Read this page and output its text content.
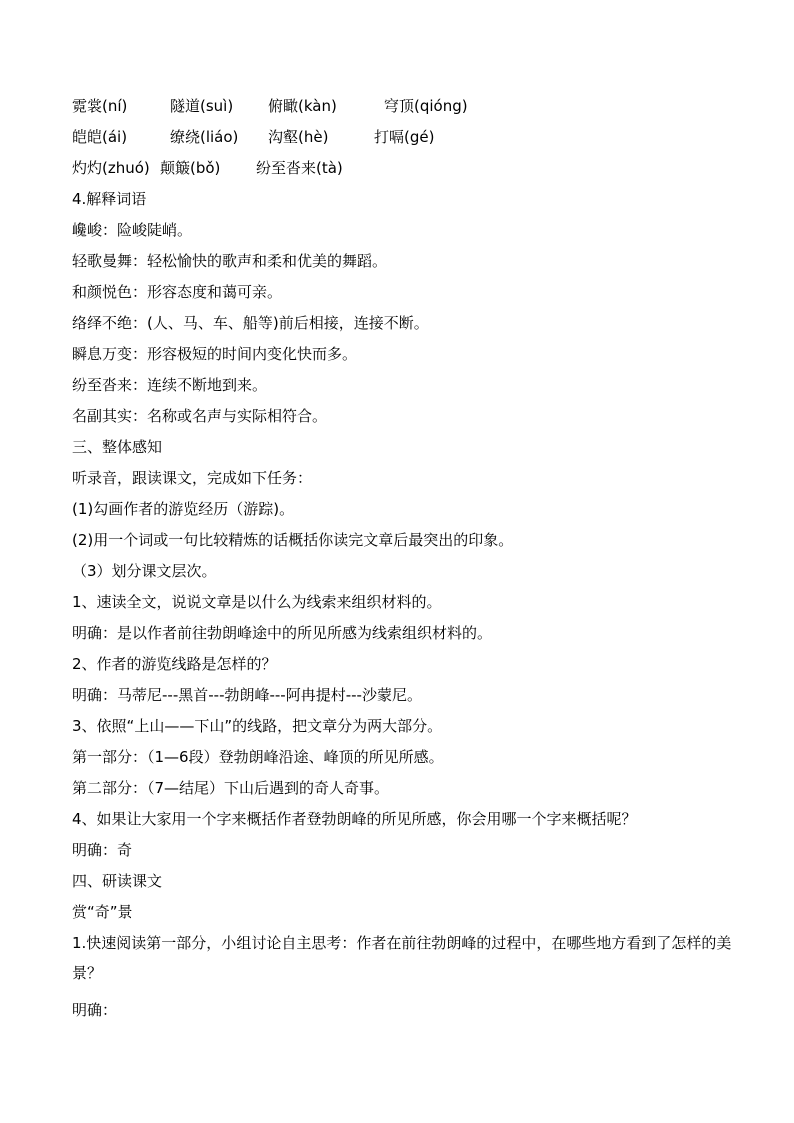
霓裳(ní)	隧道(suì) 俯瞰(kàn)	穹顶(qióng)
皑皑(ái)	缭绕(liáo) 沟壑(hè)	打嗝(gé)
灼灼(zhuó) 颠簸(bǒ) 纷至沓来(tà)
4.解释词语
巉峻：险峻陡峭。
轻歌曼舞：轻松愉快的歌声和柔和优美的舞蹈。
和颜悦色：形容态度和蔼可亲。
络绎不绝：(人、马、车、船等)前后相接，连接不断。
瞬息万变：形容极短的时间内变化快而多。
纷至沓来：连续不断地到来。
名副其实：名称或名声与实际相符合。
三、整体感知
听录音，跟读课文，完成如下任务：
(1)勾画作者的游览经历（游踪)。
(2)用一个词或一句比较精炼的话概括你读完文章后最突出的印象。
（3）划分课文层次。
1、速读全文，说说文章是以什么为线索来组织材料的。
明确：是以作者前往勃朗峰途中的所见所感为线索组织材料的。
2、作者的游览线路是怎样的？
明确：马蒂尼---黑首---勃朗峰---阿冉提村---沙蒙尼。
3、依照“上山——下山”的线路，把文章分为两大部分。
第一部分：（1—6段）登勃朗峰沿途、峰顶的所见所感。
第二部分：（7—结尾）下山后遇到的奇人奇事。
4、如果让大家用一个字来概括作者登勃朗峰的所见所感，你会用哪一个字来概括呢？
明确：奇
四、研读课文
赏“奇”景
1.快速阅读第一部分，小组讨论自主思考：作者在前往勃朗峰的过程中，在哪些地方看到了怎样的美景？
明确：
